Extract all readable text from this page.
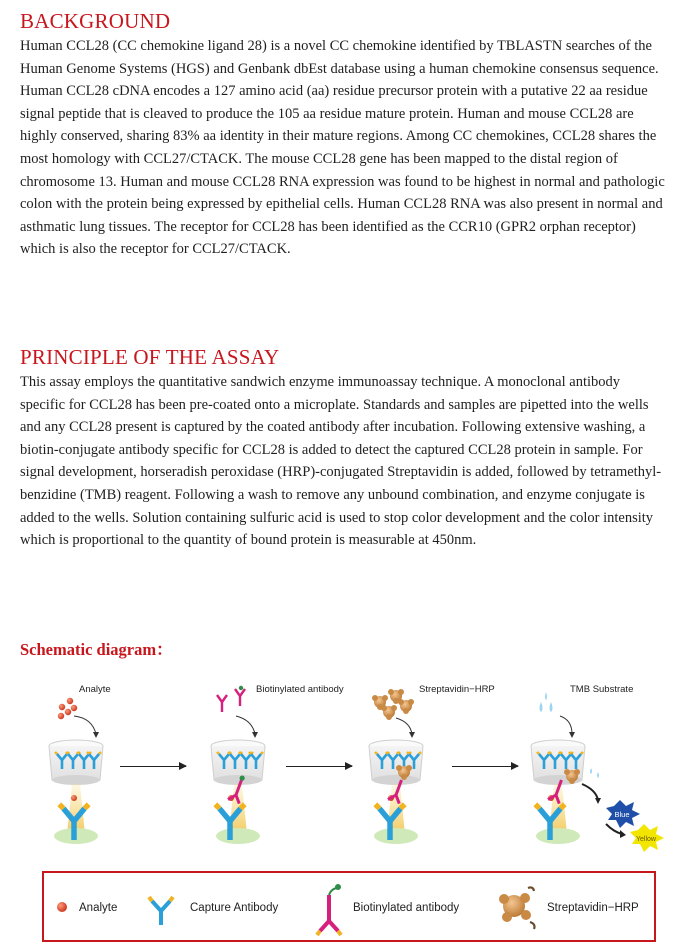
BACKGROUND

Human CCL28 (CC chemokine ligand 28) is a novel CC chemokine identified by TBLASTN searches of the Human Genome Systems (HGS) and Genbank dbEst database using a human chemokine consensus sequence. Human CCL28 cDNA encodes a 127 amino acid (aa) residue precursor protein with a putative 22 aa residue signal peptide that is cleaved to produce the 105 aa residue mature protein. Human and mouse CCL28 are highly conserved, sharing 83% aa identity in their mature regions. Among CC chemokines, CCL28 shares the most homology with CCL27/CTACK. The mouse CCL28 gene has been mapped to the distal region of chromosome 13. Human and mouse CCL28 RNA expression was found to be highest in normal and pathologic colon with the protein being expressed by epithelial cells. Human CCL28 RNA was also present in normal and asthmatic lung tissues. The receptor for CCL28 has been identified as the CCR10 (GPR2 orphan receptor) which is also the receptor for CCL27/CTACK.

PRINCIPLE OF THE ASSAY

This assay employs the quantitative sandwich enzyme immunoassay technique. A monoclonal antibody specific for CCL28 has been pre-coated onto a microplate. Standards and samples are pipetted into the wells and any CCL28 present is captured by the coated antibody after incubation. Following extensive washing, a biotin-conjugate antibody specific for CCL28 is added to detect the captured CCL28 protein in sample. For signal development, horseradish peroxidase (HRP)-conjugated Streptavidin is added, followed by tetramethyl-benzidine (TMB) reagent. Following a wash to remove any unbound combination, and enzyme conjugate is added to the wells. Solution containing sulfuric acid is used to stop color development and the color intensity which is proportional to the quantity of bound protein is measurable at 450nm.

Schematic diagram：
Analyte	Biotinylated antibody	Streptavidin−HRP	TMB Substrate
Blue
Yellow
Analyte	Capture Antibody	Biotinylated antibody	Streptavidin−HRP
